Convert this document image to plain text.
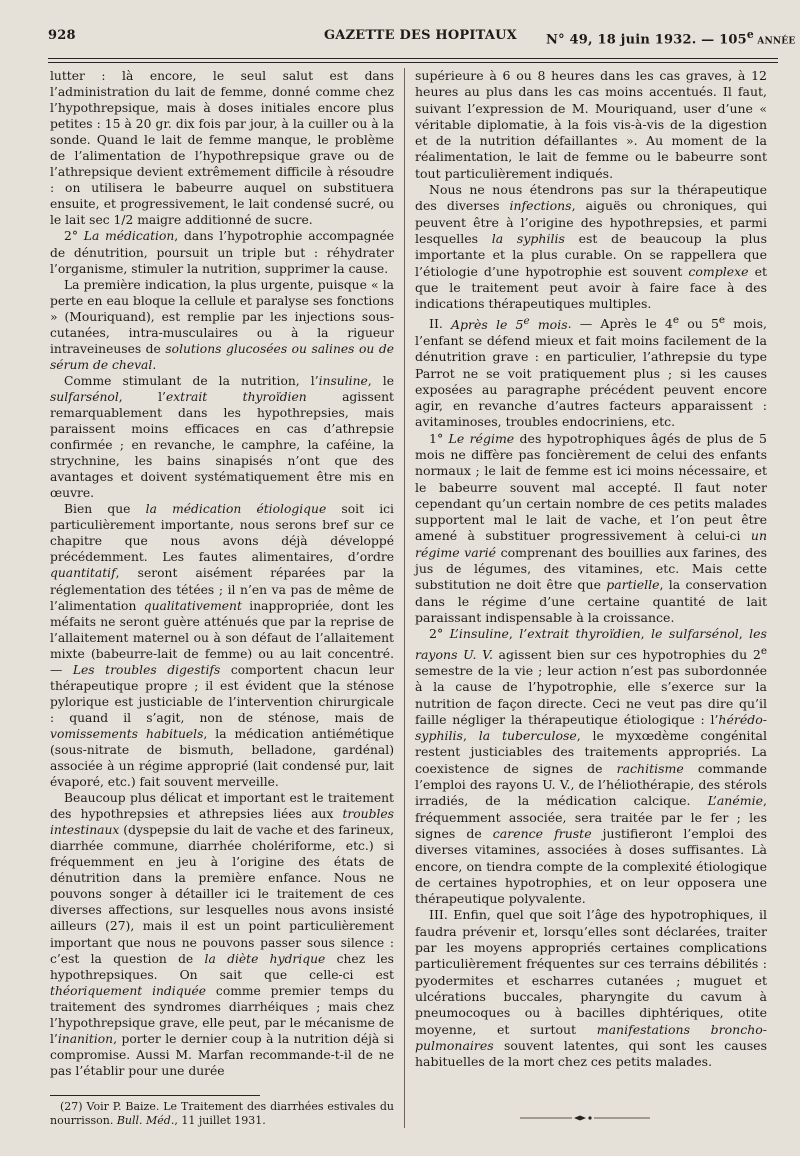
928	GAZETTE DES HOPITAUX N° 49, 18 juin 1932. — 105e ANNÉE

lutter : là encore, le seul salut est dans l’administration du lait de femme, donné comme chez l’hypothrepsique, mais à doses initiales encore plus petites : 15 à 20 gr. dix fois par jour, à la cuiller ou à la sonde. Quand le lait de femme manque, le problème de l’alimentation de l’hypothrepsique grave ou de l’athrepsique devient extrêmement difficile à résoudre : on utilisera le babeurre auquel on substituera ensuite, et progressivement, le lait condensé sucré, ou le lait sec 1/2 maigre additionné de sucre.

2° La médication, dans l’hypotrophie accompagnée de dénutrition, poursuit un triple but : réhydrater l’organisme, stimuler la nutrition, supprimer la cause.

La première indication, la plus urgente, puisque « la perte en eau bloque la cellule et paralyse ses fonctions » (Mouriquand), est remplie par les injections sous-cutanées, intra-musculaires ou à la rigueur intraveineuses de solutions glucosées ou salines ou de sérum de cheval.

Comme stimulant de la nutrition, l’insuline, le sulfarsénol, l’extrait thyroïdien agissent remarquablement dans les hypothrepsies, mais paraissent moins efficaces en cas d’athrepsie confirmée ; en revanche, le camphre, la caféine, la strychnine, les bains sinapisés n’ont que des avantages et doivent systématiquement être mis en œuvre.

Bien que la médication étiologique soit ici particulièrement importante, nous serons bref sur ce chapitre que nous avons déjà développé précédemment. Les fautes alimentaires, d’ordre quantitatif, seront aisément réparées par la réglementation des tétées ; il n’en va pas de même de l’alimentation qualitativement inappropriée, dont les méfaits ne seront guère atténués que par la reprise de l’allaitement maternel ou à son défaut de l’allaitement mixte (babeurre-lait de femme) ou au lait concentré. — Les troubles digestifs comportent chacun leur thérapeutique propre ; il est évident que la sténose pylorique est justiciable de l’intervention chirurgicale : quand il s’agit, non de sténose, mais de vomissements habituels, la médication antiémétique (sous-nitrate de bismuth, belladone, gardénal) associée à un régime approprié (lait condensé pur, lait évaporé, etc.) fait souvent merveille.

Beaucoup plus délicat et important est le traitement des hypothrepsies et athrepsies liées aux troubles intestinaux (dyspepsie du lait de vache et des farineux, diarrhée commune, diarrhée cholériforme, etc.) si fréquemment en jeu à l’origine des états de dénutrition dans la première enfance. Nous ne pouvons songer à détailler ici le traitement de ces diverses affections, sur lesquelles nous avons insisté ailleurs (27), mais il est un point particulièrement important que nous ne pouvons passer sous silence : c’est la question de la diète hydrique chez les hypothrepsiques. On sait que celle-ci est théoriquement indiquée comme premier temps du traitement des syndromes diarrhéiques ; mais chez l’hypothrepsique grave, elle peut, par le mécanisme de l’inanition, porter le dernier coup à la nutrition déjà si compromise. Aussi M. Marfan recommande-t-il de ne pas l’établir pour une durée

supérieure à 6 ou 8 heures dans les cas graves, à 12 heures au plus dans les cas moins accentués. Il faut, suivant l’expression de M. Mouriquand, user d’une « véritable diplomatie, à la fois vis-à-vis de la digestion et de la nutrition défaillantes ». Au moment de la réalimentation, le lait de femme ou le babeurre sont tout particulièrement indiqués.

Nous ne nous étendrons pas sur la thérapeutique des diverses infections, aiguës ou chroniques, qui peuvent être à l’origine des hypothrepsies, et parmi lesquelles la syphilis est de beaucoup la plus importante et la plus curable. On se rappellera que l’étiologie d’une hypotrophie est souvent complexe et que le traitement peut avoir à faire face à des indications thérapeutiques multiples.

II. Après le 5e mois. — Après le 4e ou 5e mois, l’enfant se défend mieux et fait moins facilement de la dénutrition grave : en particulier, l’athrepsie du type Parrot ne se voit pratiquement plus ; si les causes exposées au paragraphe précédent peuvent encore agir, en revanche d’autres facteurs apparaissent : avitaminoses, troubles endocriniens, etc.

1° Le régime des hypotrophiques âgés de plus de 5 mois ne diffère pas foncièrement de celui des enfants normaux ; le lait de femme est ici moins nécessaire, et le babeurre souvent mal accepté. Il faut noter cependant qu’un certain nombre de ces petits malades supportent mal le lait de vache, et l’on peut être amené à substituer progressivement à celui-ci un régime varié comprenant des bouillies aux farines, des jus de légumes, des vitamines, etc. Mais cette substitution ne doit être que partielle, la conservation dans le régime d’une certaine quantité de lait paraissant indispensable à la croissance.

2° L’insuline, l’extrait thyroïdien, le sulfarsénol, les rayons U. V. agissent bien sur ces hypotrophies du 2e semestre de la vie ; leur action n’est pas subordonnée à la cause de l’hypotrophie, elle s’exerce sur la nutrition de façon directe. Ceci ne veut pas dire qu’il faille négliger la thérapeutique étiologique : l’hérédo-syphilis, la tuberculose, le myxœdème congénital restent justiciables des traitements appropriés. La coexistence de signes de rachitisme commande l’emploi des rayons U. V., de l’héliothérapie, des stérols irradiés, de la médication calcique. L’anémie, fréquemment associée, sera traitée par le fer ; les signes de carence fruste justifieront l’emploi des diverses vitamines, associées à doses suffisantes. Là encore, on tiendra compte de la complexité étiologique de certaines hypotrophies, et on leur opposera une thérapeutique polyvalente.

III. Enfin, quel que soit l’âge des hypotrophiques, il faudra prévenir et, lorsqu’elles sont déclarées, traiter par les moyens appropriés certaines complications particulièrement fréquentes sur ces terrains débilités : pyodermites et escharres cutanées ; muguet et ulcérations buccales, pharyngite du cavum à pneumocoques ou à bacilles diphtériques, otite moyenne, et surtout manifestations broncho-pulmonaires souvent latentes, qui sont les causes habituelles de la mort chez ces petits malades.

(27) Voir P. Baize. Le Traitement des diarrhées estivales du nourrisson. Bull. Méd., 11 juillet 1931.
